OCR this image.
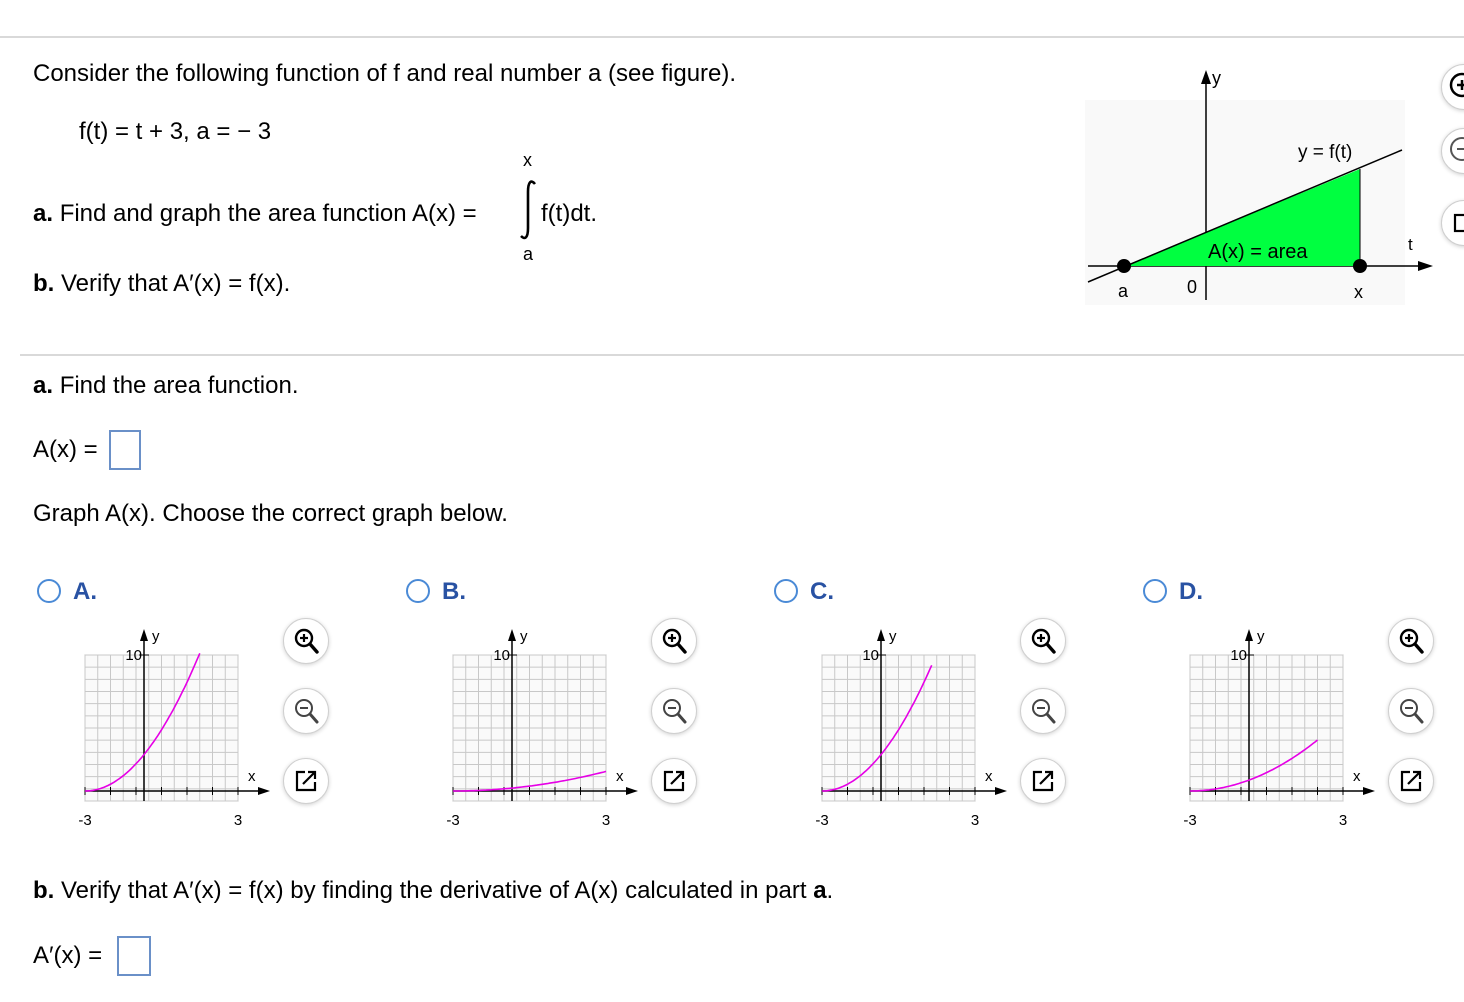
Consider the following function of f and real number a (see figure).
f(t) = t + 3, a = − 3
x
a. Find and graph the area function A(x) =	f(t)dt.
a
b. Verify that A′(x) = f(x).
y
y = f(t)
A(x) = area	t
a	0	x
a. Find the area function.
A(x) =
Graph A(x). Choose the correct graph below.
A.
y
10
x
-3	3
B.
y
10
x
-3	3
C.
y
10
x
-3	3
D.
y
10
x
-3	3
b. Verify that A′(x) = f(x) by finding the derivative of A(x) calculated in part a.
A′(x) =
